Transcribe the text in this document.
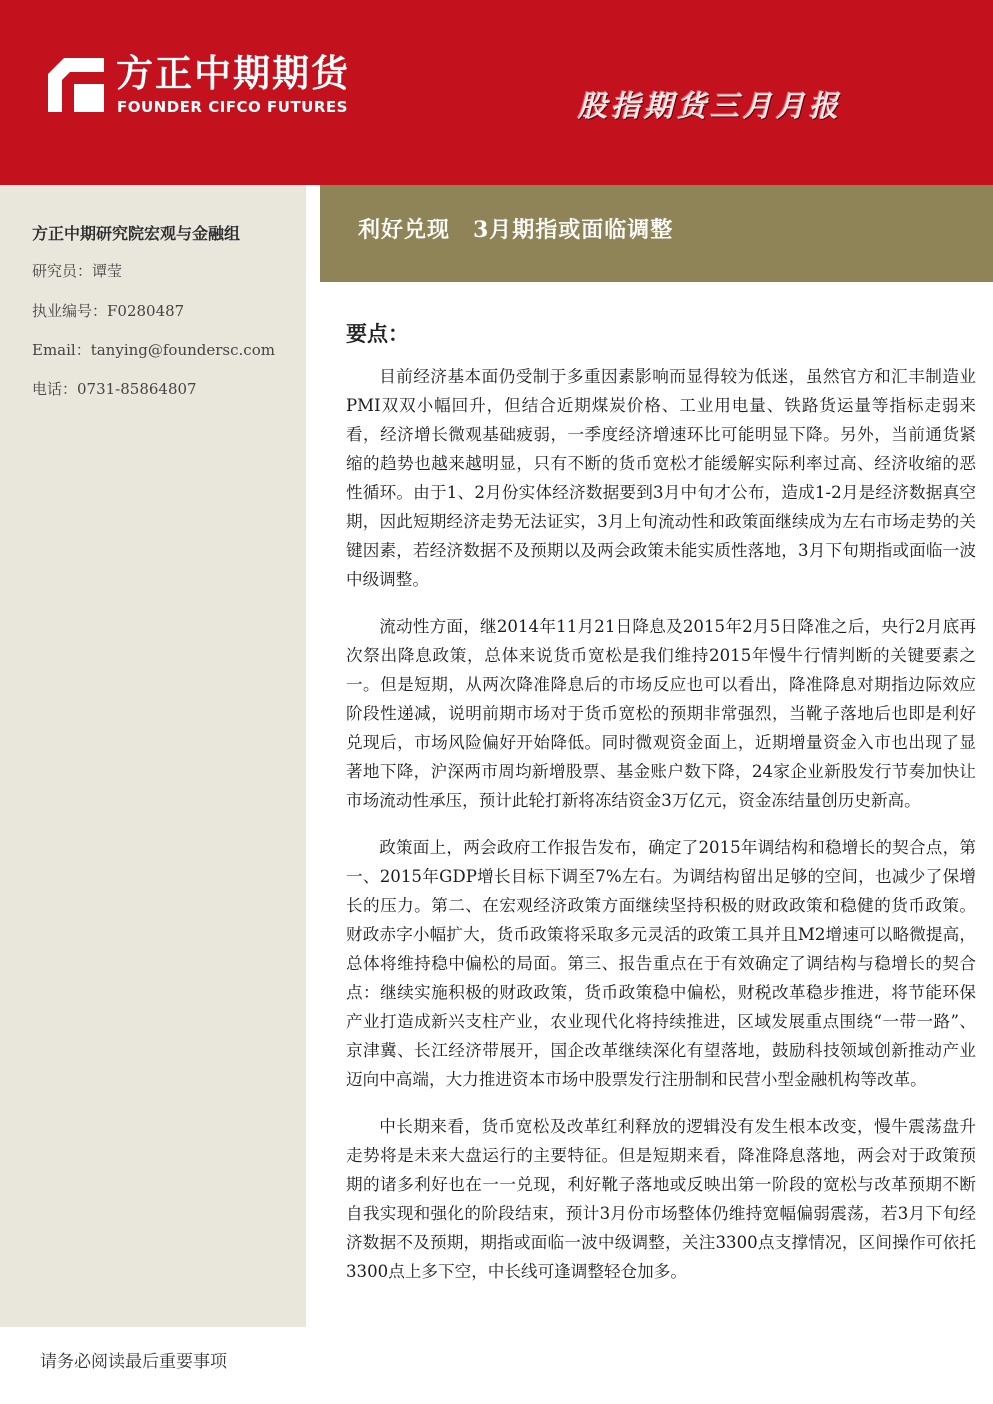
方正中期期货
FOUNDER CIFCO FUTURES	股指期货三月月报
方正中期研究院宏观与金融组
研究员：谭莹
执业编号：F0280487
Email：tanying@foundersc.com
电话：0731-85864807
请务必阅读最后重要事项
利好兑现　3月期指或面临调整
要点：

目前经济基本面仍受制于多重因素影响而显得较为低迷，虽然官方和汇丰制造业PMI双双小幅回升，但结合近期煤炭价格、工业用电量、铁路货运量等指标走弱来看，经济增长微观基础疲弱，一季度经济增速环比可能明显下降。另外，当前通货紧缩的趋势也越来越明显，只有不断的货币宽松才能缓解实际利率过高、经济收缩的恶性循环。由于1、2月份实体经济数据要到3月中旬才公布，造成1-2月是经济数据真空期，因此短期经济走势无法证实，3月上旬流动性和政策面继续成为左右市场走势的关键因素，若经济数据不及预期以及两会政策未能实质性落地，3月下旬期指或面临一波中级调整。

流动性方面，继2014年11月21日降息及2015年2月5日降准之后，央行2月底再次祭出降息政策，总体来说货币宽松是我们维持2015年慢牛行情判断的关键要素之一。但是短期，从两次降准降息后的市场反应也可以看出，降准降息对期指边际效应阶段性递减，说明前期市场对于货币宽松的预期非常强烈，当靴子落地后也即是利好兑现后，市场风险偏好开始降低。同时微观资金面上，近期增量资金入市也出现了显著地下降，沪深两市周均新增股票、基金账户数下降，24家企业新股发行节奏加快让市场流动性承压，预计此轮打新将冻结资金3万亿元，资金冻结量创历史新高。

政策面上，两会政府工作报告发布，确定了2015年调结构和稳增长的契合点，第一、2015年GDP增长目标下调至7%左右。为调结构留出足够的空间，也减少了保增长的压力。第二、在宏观经济政策方面继续坚持积极的财政政策和稳健的货币政策。财政赤字小幅扩大，货币政策将采取多元灵活的政策工具并且M2增速可以略微提高，总体将维持稳中偏松的局面。第三、报告重点在于有效确定了调结构与稳增长的契合点：继续实施积极的财政政策，货币政策稳中偏松，财税改革稳步推进，将节能环保产业打造成新兴支柱产业，农业现代化将持续推进，区域发展重点围绕“一带一路”、京津冀、长江经济带展开，国企改革继续深化有望落地，鼓励科技领域创新推动产业迈向中高端，大力推进资本市场中股票发行注册制和民营小型金融机构等改革。

中长期来看，货币宽松及改革红利释放的逻辑没有发生根本改变，慢牛震荡盘升走势将是未来大盘运行的主要特征。但是短期来看，降准降息落地，两会对于政策预期的诸多利好也在一一兑现，利好靴子落地或反映出第一阶段的宽松与改革预期不断自我实现和强化的阶段结束，预计3月份市场整体仍维持宽幅偏弱震荡，若3月下旬经济数据不及预期，期指或面临一波中级调整，关注3300点支撑情况，区间操作可依托3300点上多下空，中长线可逢调整轻仓加多。
